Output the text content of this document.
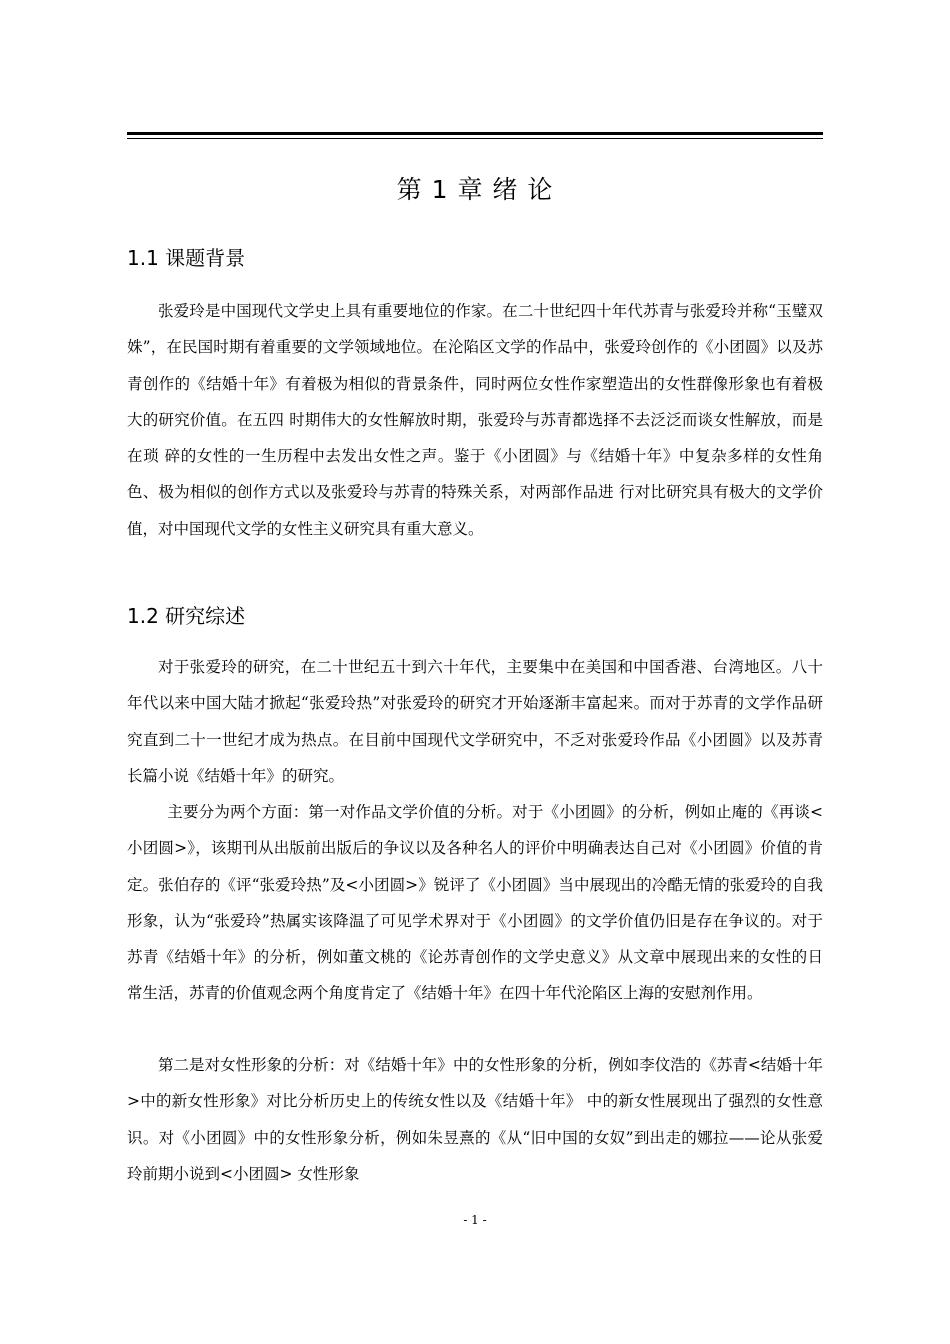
第 1 章 绪 论
1.1 课题背景
张爱玲是中国现代文学史上具有重要地位的作家。在二十世纪四十年代苏青与张爱玲并称“玉璧双姝”，在民国时期有着重要的文学领域地位。在沦陷区文学的作品中，张爱玲创作的《小团圆》以及苏青创作的《结婚十年》有着极为相似的背景条件，同时两位女性作家塑造出的女性群像形象也有着极大的研究价值。在五四 时期伟大的女性解放时期，张爱玲与苏青都选择不去泛泛而谈女性解放，而是在琐 碎的女性的一生历程中去发出女性之声。鉴于《小团圆》与《结婚十年》中复杂多样的女性角色、极为相似的创作方式以及张爱玲与苏青的特殊关系，对两部作品进 行对比研究具有极大的文学价值，对中国现代文学的女性主义研究具有重大意义。
1.2 研究综述
对于张爱玲的研究，在二十世纪五十到六十年代，主要集中在美国和中国香港、台湾地区。八十年代以来中国大陆才掀起“张爱玲热”对张爱玲的研究才开始逐渐丰富起来。而对于苏青的文学作品研究直到二十一世纪才成为热点。在目前中国现代文学研究中，不乏对张爱玲作品《小团圆》以及苏青长篇小说《结婚十年》的研究。
主要分为两个方面：第一对作品文学价值的分析。对于《小团圆》的分析，例如止庵的《再谈<小团圆>》，该期刊从出版前出版后的争议以及各种名人的评价中明确表达自己对《小团圆》价值的肯定。张伯存的《评“张爱玲热”及<小团圆>》锐评了《小团圆》当中展现出的冷酷无情的张爱玲的自我形象，认为“张爱玲”热属实该降温了可见学术界对于《小团圆》的文学价值仍旧是存在争议的。对于苏青《结婚十年》的分析，例如董文桃的《论苏青创作的文学史意义》从文章中展现出来的女性的日常生活，苏青的价值观念两个角度肯定了《结婚十年》在四十年代沦陷区上海的安慰剂作用。
第二是对女性形象的分析：对《结婚十年》中的女性形象的分析，例如李伩浩的《苏青<结婚十年>中的新女性形象》对比分析历史上的传统女性以及《结婚十年》 中的新女性展现出了强烈的女性意识。对《小团圆》中的女性形象分析，例如朱昱熹的《从“旧中国的女奴”到出走的娜拉——论从张爱玲前期小说到<小团圆> 女性形象
- 1 -
